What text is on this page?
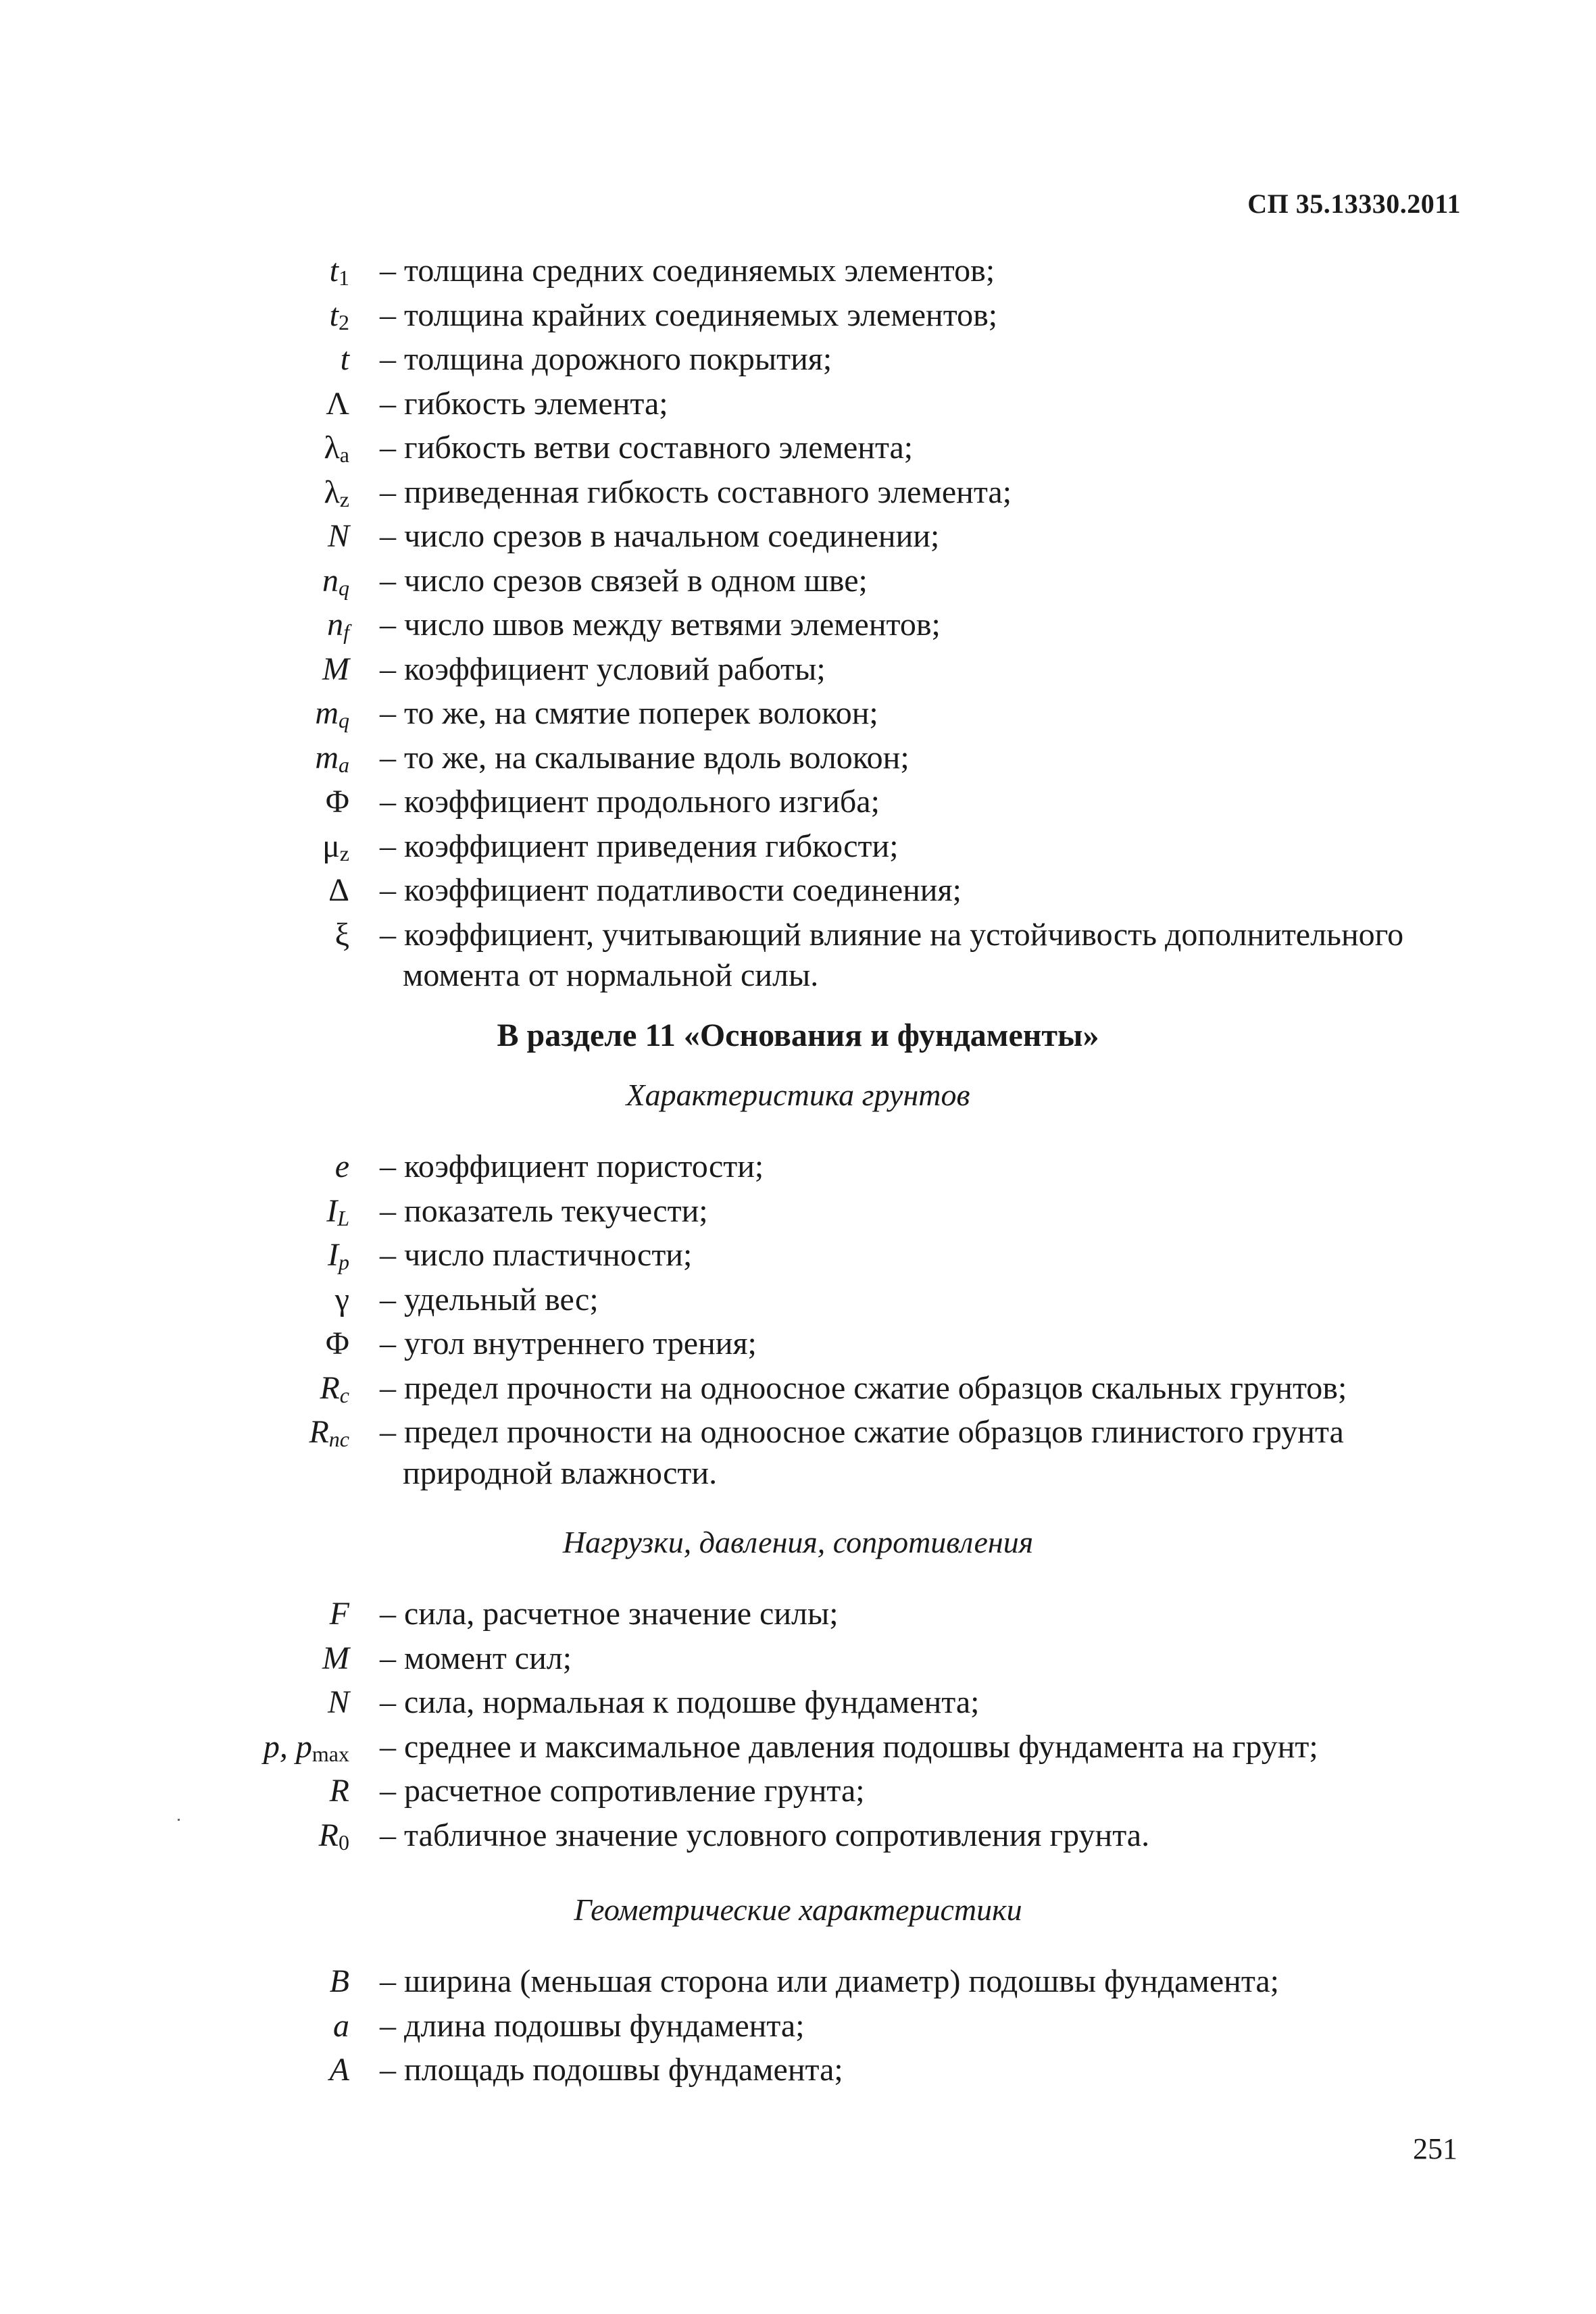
СП 35.13330.2011
$t_1$ – толщина средних соединяемых элементов;
$t_2$ – толщина крайних соединяемых элементов;
t – толщина дорожного покрытия;
Λ – гибкость элемента;
$\lambda_a$ – гибкость ветви составного элемента;
$\lambda_z$ – приведенная гибкость составного элемента;
N – число срезов в начальном соединении;
$n_q$ – число срезов связей в одном шве;
$n_f$ – число швов между ветвями элементов;
M – коэффициент условий работы;
$m_q$ – то же, на смятие поперек волокон;
$m_a$ – то же, на скалывание вдоль волокон;
Φ – коэффициент продольного изгиба;
$\mu_z$ – коэффициент приведения гибкости;
Δ – коэффициент податливости соединения;
ξ – коэффициент, учитывающий влияние на устойчивость дополнительного
момента от нормальной силы.
В разделе 11 «Основания и фундаменты»
Характеристика грунтов
e – коэффициент пористости;
$I_L$ – показатель текучести;
$I_p$ – число пластичности;
γ – удельный вес;
Φ – угол внутреннего трения;
$R_c$ – предел прочности на одноосное сжатие образцов скальных грунтов;
$R_{nc}$ – предел прочности на одноосное сжатие образцов глинистого грунта
природной влажности.
Нагрузки, давления, сопротивления
F – сила, расчетное значение силы;
M – момент сил;
N – сила, нормальная к подошве фундамента;
p, $p_{max}$ – среднее и максимальное давления подошвы фундамента на грунт;
R – расчетное сопротивление грунта;
$R_0$ – табличное значение условного сопротивления грунта.
Геометрические характеристики
B – ширина (меньшая сторона или диаметр) подошвы фундамента;
a – длина подошвы фундамента;
A – площадь подошвы фундамента;
251
